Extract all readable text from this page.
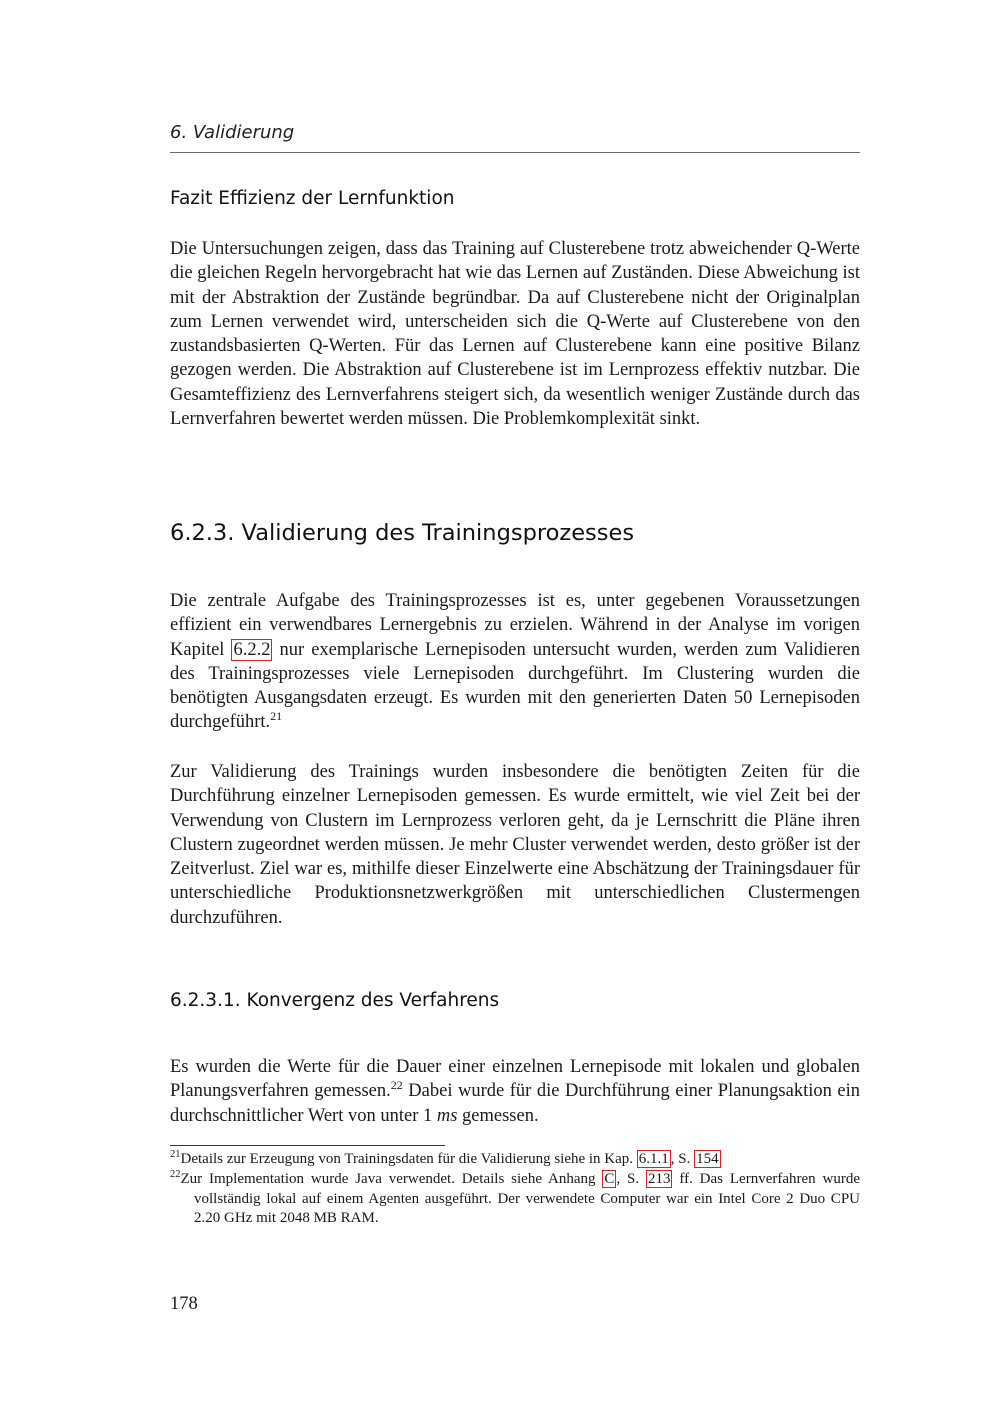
6. Validierung
Fazit Effizienz der Lernfunktion

Die Untersuchungen zeigen, dass das Training auf Clusterebene trotz abweichender Q-Werte die gleichen Regeln hervorgebracht hat wie das Lernen auf Zuständen. Diese Abweichung ist mit der Abstraktion der Zustände begründbar. Da auf Clusterebene nicht der Originalplan zum Lernen verwendet wird, unterscheiden sich die Q-Werte auf Clusterebene von den zustandsbasierten Q-Werten. Für das Lernen auf Clusterebene kann eine positive Bilanz gezogen werden. Die Abstraktion auf Clusterebene ist im Lernprozess effektiv nutzbar. Die Gesamteffizienz des Lernverfahrens steigert sich, da wesentlich weniger Zustände durch das Lernverfahren bewertet werden müssen. Die Problemkomplexität sinkt.

6.2.3. Validierung des Trainingsprozesses

Die zentrale Aufgabe des Trainingsprozesses ist es, unter gegebenen Voraussetzungen effizient ein verwendbares Lernergebnis zu erzielen. Während in der Analyse im vorigen Kapitel 6.2.2 nur exemplarische Lernepisoden untersucht wurden, werden zum Validieren des Trainingsprozesses viele Lernepisoden durchgeführt. Im Clustering wurden die benötigten Ausgangsdaten erzeugt. Es wurden mit den generierten Daten 50 Lernepisoden durchgeführt.$^{21}$

Zur Validierung des Trainings wurden insbesondere die benötigten Zeiten für die Durchführung einzelner Lernepisoden gemessen. Es wurde ermittelt, wie viel Zeit bei der Verwendung von Clustern im Lernprozess verloren geht, da je Lernschritt die Pläne ihren Clustern zugeordnet werden müssen. Je mehr Cluster verwendet werden, desto größer ist der Zeitverlust. Ziel war es, mithilfe dieser Einzelwerte eine Abschätzung der Trainingsdauer für unterschiedliche Produktionsnetzwerkgrößen mit unterschiedlichen Clustermengen durchzuführen.

6.2.3.1. Konvergenz des Verfahrens

Es wurden die Werte für die Dauer einer einzelnen Lernepisode mit lokalen und globalen Planungsverfahren gemessen.$^{22}$ Dabei wurde für die Durchführung einer Planungsaktion ein durchschnittlicher Wert von unter 1 ms gemessen.

$^{21}$Details zur Erzeugung von Trainingsdaten für die Validierung siehe in Kap. 6.1.1 , S. 154

$^{22}$Zur Implementation wurde Java verwendet. Details siehe Anhang C , S. 213 ff. Das Lernverfahren wurde vollständig lokal auf einem Agenten ausgeführt. Der verwendete Computer war ein Intel Core 2 Duo CPU 2.20 GHz mit 2048 MB RAM.

178
